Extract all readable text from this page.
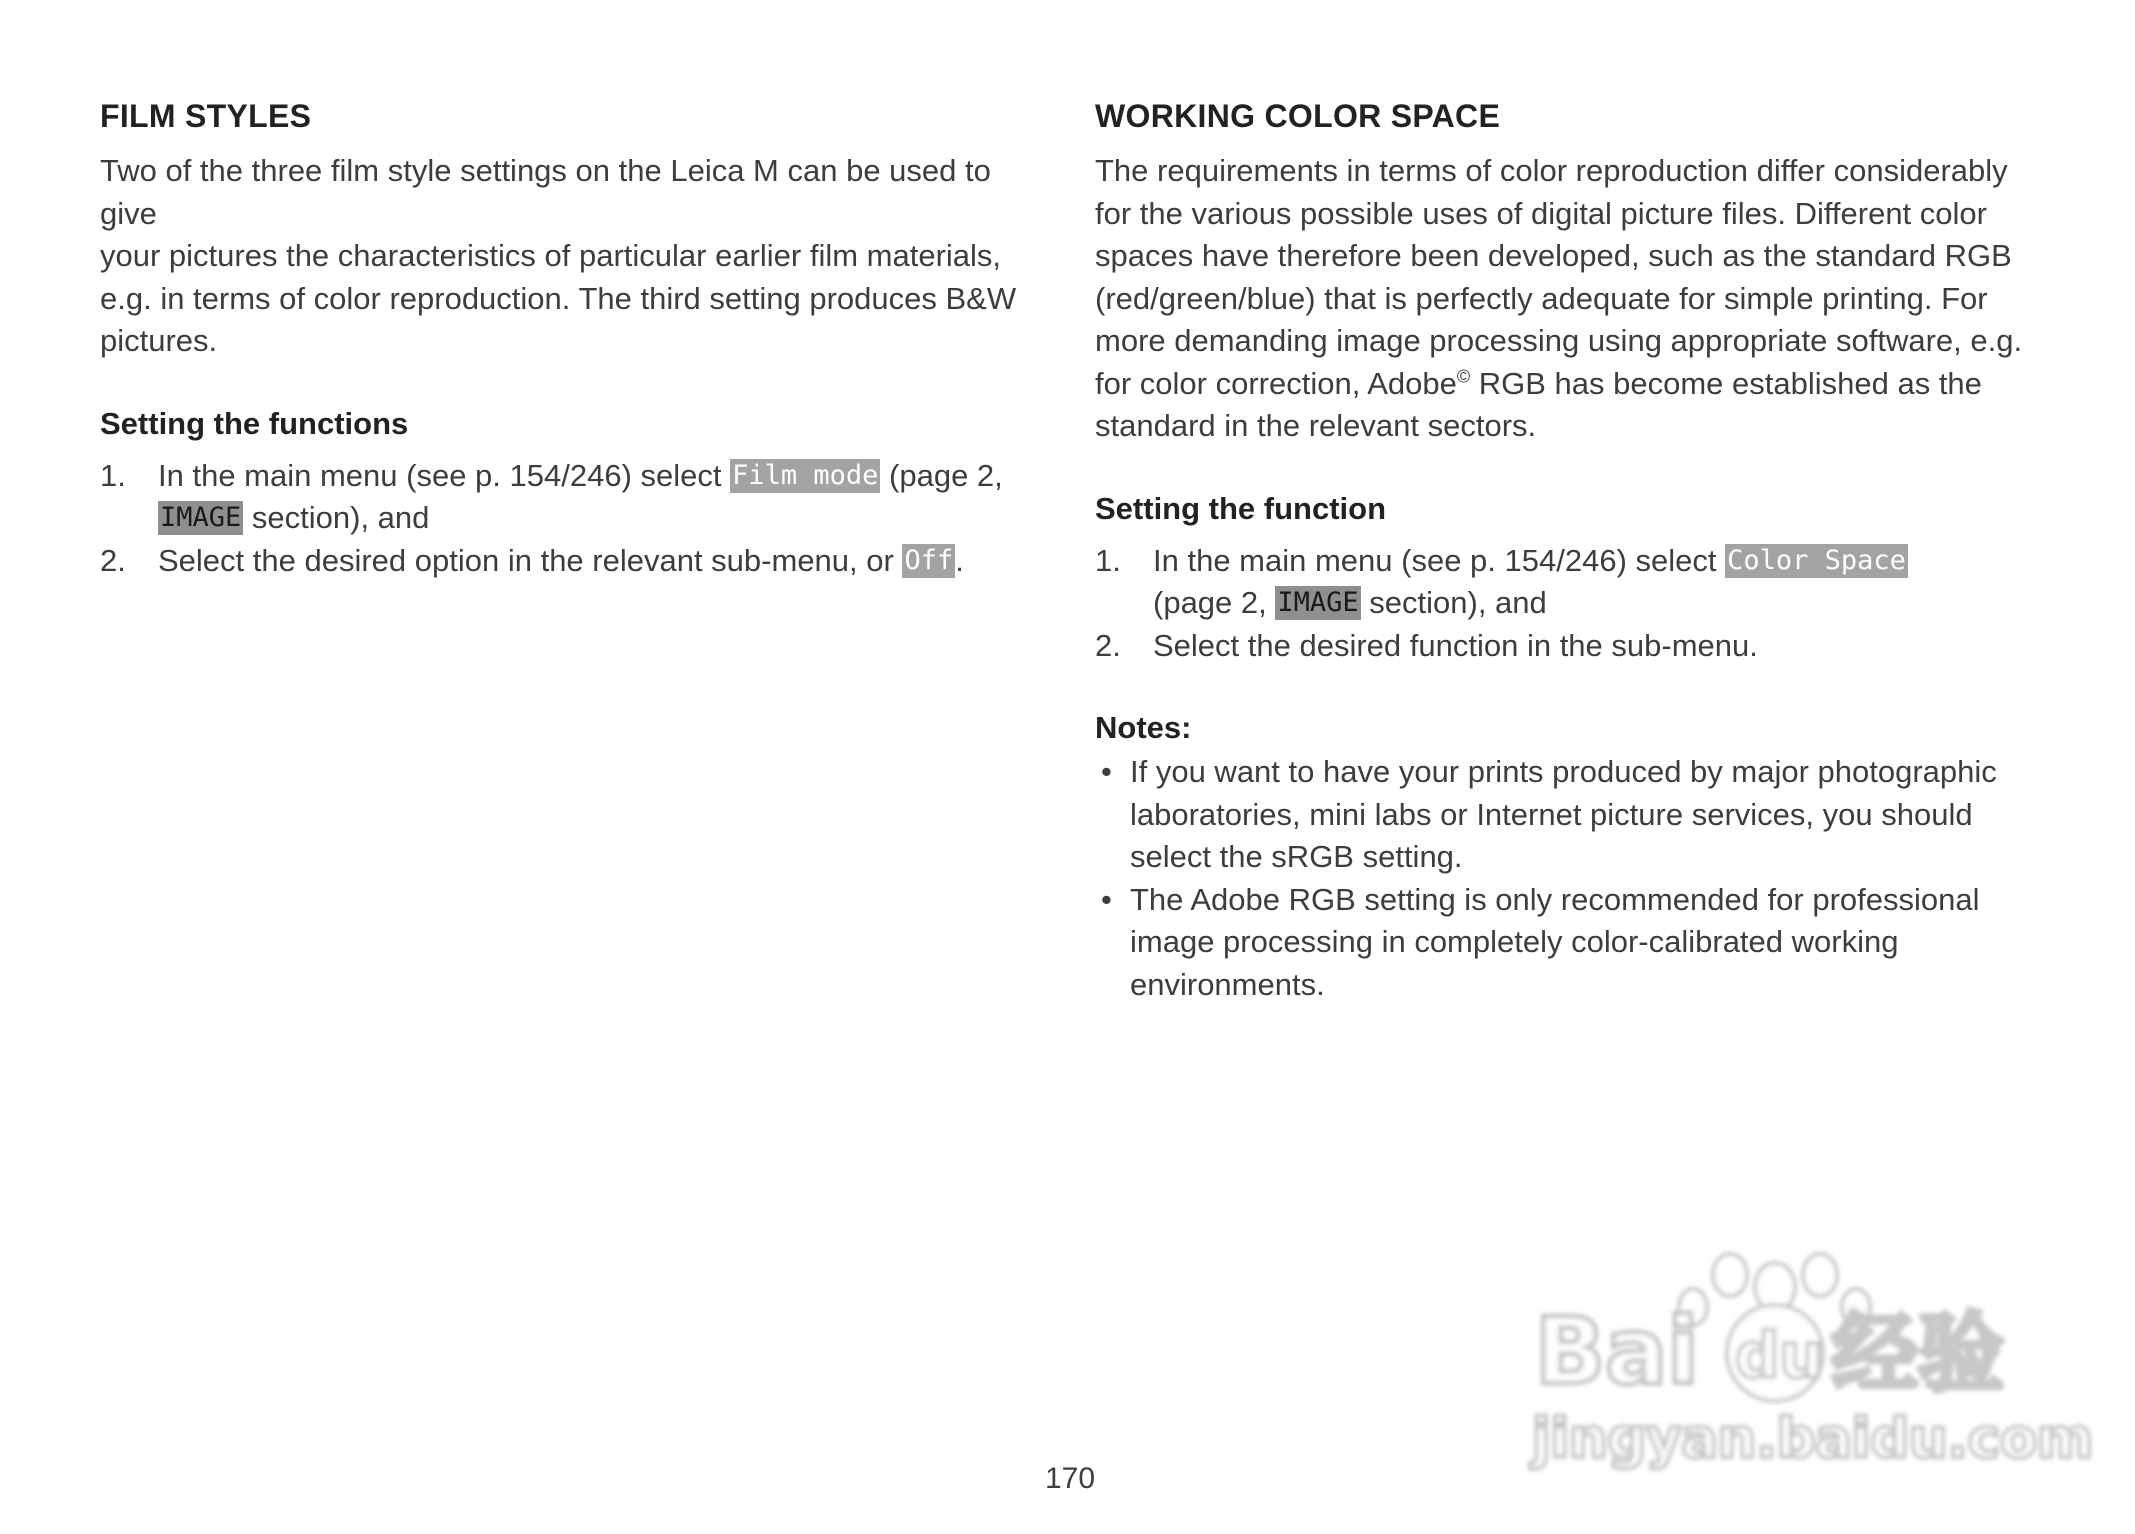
FILM STYLES

Two of the three film style settings on the Leica M can be used to give
your pictures the characteristics of particular earlier film materials,
e.g. in terms of color reproduction. The third setting produces B&W
pictures.

Setting the functions
1. In the main menu (see p. 154/246) select Film mode (page 2,
IMAGE section), and
2. Select the desired option in the relevant sub-menu, or Off.
WORKING COLOR SPACE

The requirements in terms of color reproduction differ considerably
for the various possible uses of digital picture files. Different color
spaces have therefore been developed, such as the standard RGB
(red/green/blue) that is perfectly adequate for simple printing. For
more demanding image processing using appropriate software, e.g.
for color correction, Adobe© RGB has become established as the
standard in the relevant sectors.

Setting the function
1. In the main menu (see p. 154/246) select Color Space
(page 2, IMAGE section), and
2. Select the desired function in the sub-menu.
Notes:
• If you want to have your prints produced by major photographic
laboratories, mini labs or Internet picture services, you should
select the sRGB setting.
• The Adobe RGB setting is only recommended for professional
image processing in completely color-calibrated working
environments.
170
Bai du 经验
jingyan.baidu.com
